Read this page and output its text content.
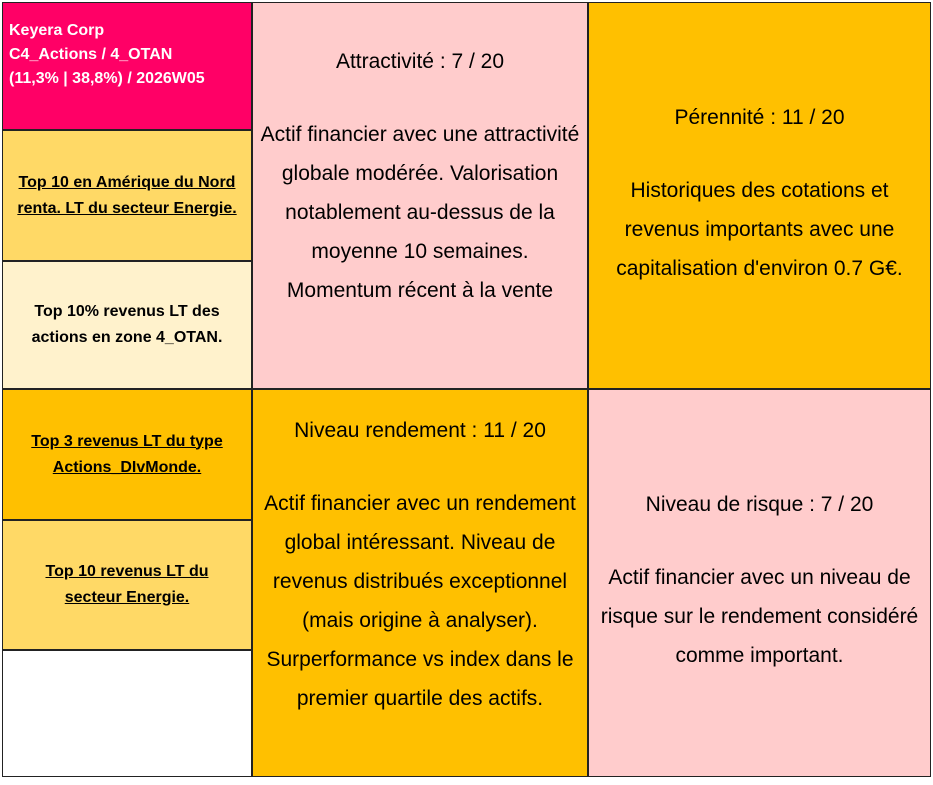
Keyera Corp
C4_Actions / 4_OTAN
(11,3% | 38,8%) / 2026W05
Top 10 en Amérique du Nord renta. LT du secteur Energie.
Top 10% revenus LT des actions en zone 4_OTAN.
Top 3 revenus LT du type Actions_DIvMonde.
Top 10 revenus LT du secteur Energie.
Attractivité : 7 / 20
Actif financier avec une attractivité globale modérée. Valorisation notablement au-dessus de la moyenne 10 semaines. Momentum récent à la vente
Niveau rendement : 11 / 20
Actif financier avec un rendement global intéressant. Niveau de revenus distribués exceptionnel (mais origine à analyser). Surperformance vs index dans le premier quartile des actifs.
Pérennité : 11 / 20
Historiques des cotations et revenus importants avec une capitalisation d'environ 0.7 G€.
Niveau de risque : 7 / 20
Actif financier avec un niveau de risque sur le rendement considéré comme important.
